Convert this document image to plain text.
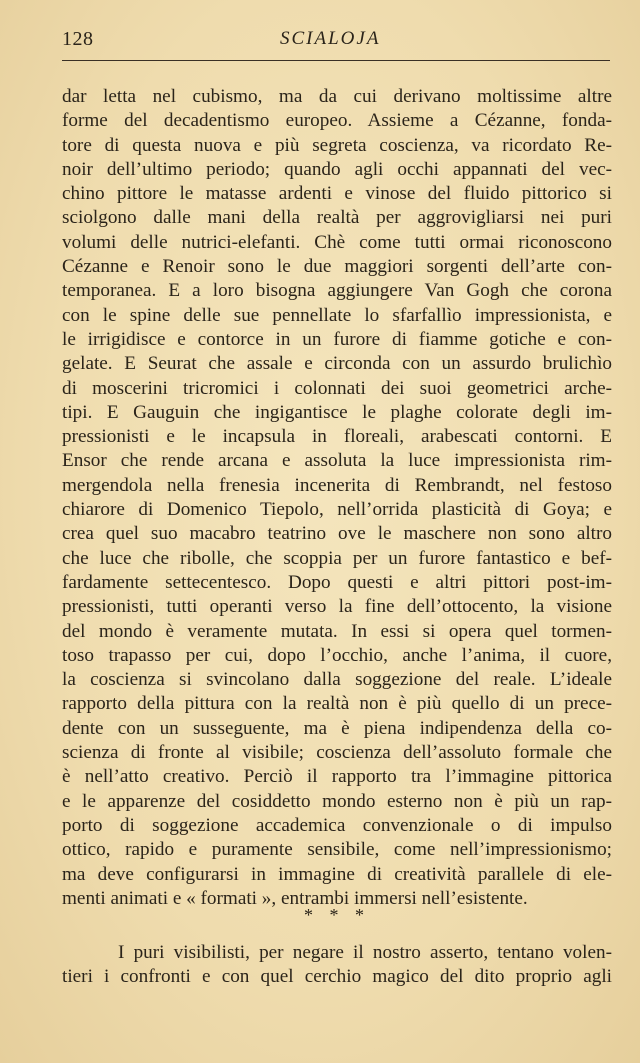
128	SCIALOJA
dar letta nel cubismo, ma da cui derivano moltissime altre
forme del decadentismo europeo. Assieme a Cézanne, fonda-
tore di questa nuova e più segreta coscienza, va ricordato Re-
noir dell’ultimo periodo; quando agli occhi appannati del vec-
chino pittore le matasse ardenti e vinose del fluido pittorico si
sciolgono dalle mani della realtà per aggrovigliarsi nei puri
volumi delle nutrici-elefanti. Chè come tutti ormai riconoscono
Cézanne e Renoir sono le due maggiori sorgenti dell’arte con-
temporanea. E a loro bisogna aggiungere Van Gogh che corona
con le spine delle sue pennellate lo sfarfallìo impressionista, e
le irrigidisce e contorce in un furore di fiamme gotiche e con-
gelate. E Seurat che assale e circonda con un assurdo brulichìo
di moscerini tricromici i colonnati dei suoi geometrici arche-
tipi. E Gauguin che ingigantisce le plaghe colorate degli im-
pressionisti e le incapsula in floreali, arabescati contorni. E
Ensor che rende arcana e assoluta la luce impressionista rim-
mergendola nella frenesia incenerita di Rembrandt, nel festoso
chiarore di Domenico Tiepolo, nell’orrida plasticità di Goya; e
crea quel suo macabro teatrino ove le maschere non sono altro
che luce che ribolle, che scoppia per un furore fantastico e bef-
fardamente settecentesco. Dopo questi e altri pittori post-im-
pressionisti, tutti operanti verso la fine dell’ottocento, la visione
del mondo è veramente mutata. In essi si opera quel tormen-
toso trapasso per cui, dopo l’occhio, anche l’anima, il cuore,
la coscienza si svincolano dalla soggezione del reale. L’ideale
rapporto della pittura con la realtà non è più quello di un prece-
dente con un susseguente, ma è piena indipendenza della co-
scienza di fronte al visibile; coscienza dell’assoluto formale che
è nell’atto creativo. Perciò il rapporto tra l’immagine pittorica
e le apparenze del cosiddetto mondo esterno non è più un rap-
porto di soggezione accademica convenzionale o di impulso
ottico, rapido e puramente sensibile, come nell’impressionismo;
ma deve configurarsi in immagine di creatività parallele di ele-
menti animati e « formati », entrambi immersi nell’esistente.
* * *
I puri visibilisti, per negare il nostro asserto, tentano volen-
tieri i confronti e con quel cerchio magico del dito proprio agli
